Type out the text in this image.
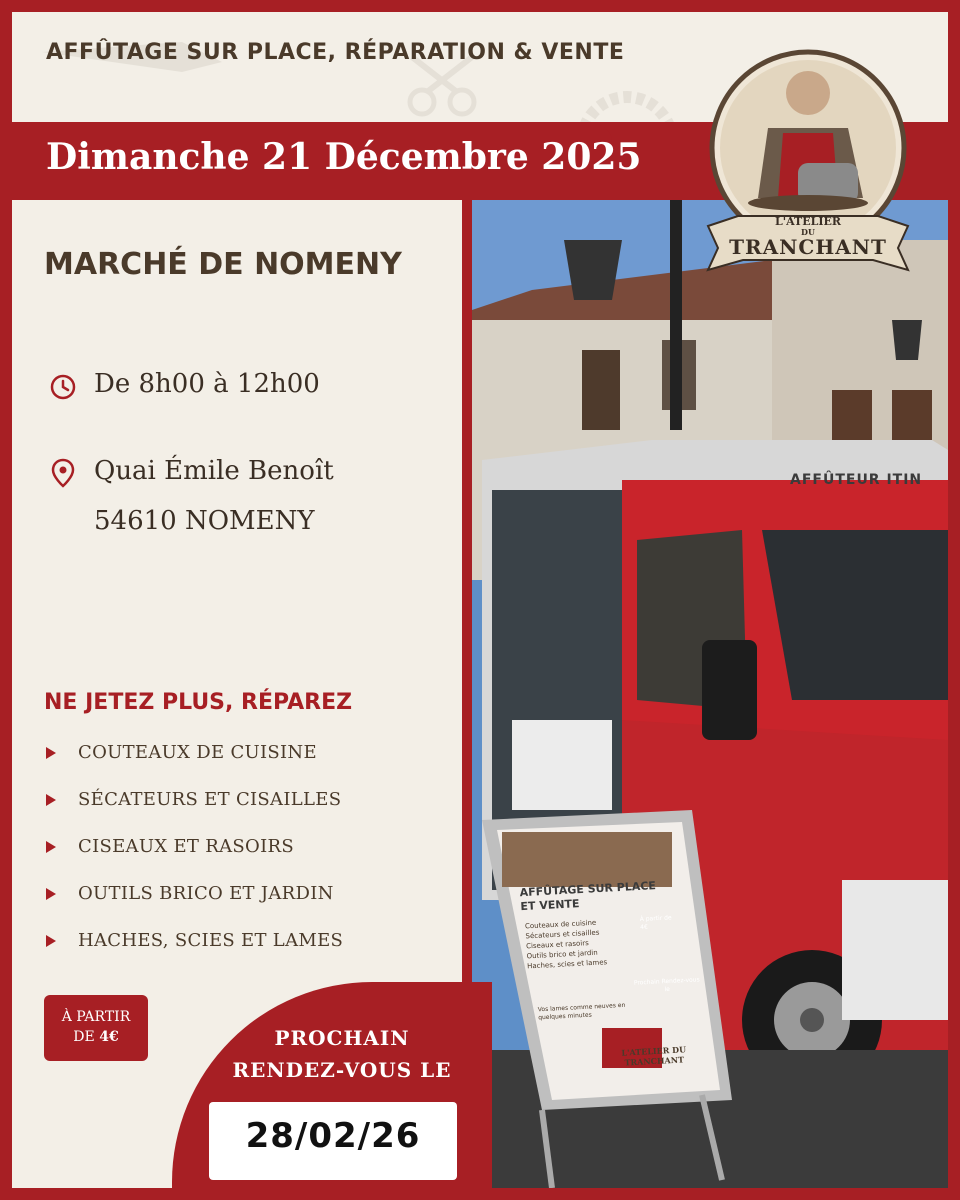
AFFÛTAGE SUR PLACE, RÉPARATION & VENTE
Dimanche 21 Décembre 2025
MARCHÉ DE NOMENY
De 8h00 à 12h00
Quai Émile Benoît
54610 NOMENY
NE JETEZ PLUS, RÉPAREZ
COUTEAUX DE CUISINE
SÉCATEURS ET CISAILLES
CISEAUX ET RASOIRS
OUTILS BRICO ET JARDIN
HACHES, SCIES ET LAMES
À PARTIR
DE 4€
AFFÛTEUR ITIN
AFFÛTAGE SUR PLACE
ET VENTE
Couteaux de cuisine
Sécateurs et cisailles
Ciseaux et rasoirs
Outils brico et jardin
Haches, scies et lames
À partir de 4€
Prochain Rendez-vous le
Vos lames comme neuves en quelques minutes
L'ATELIER DU TRANCHANT
L'ATELIER
DU
TRANCHANT
PROCHAIN
RENDEZ-VOUS LE
28/02/26
